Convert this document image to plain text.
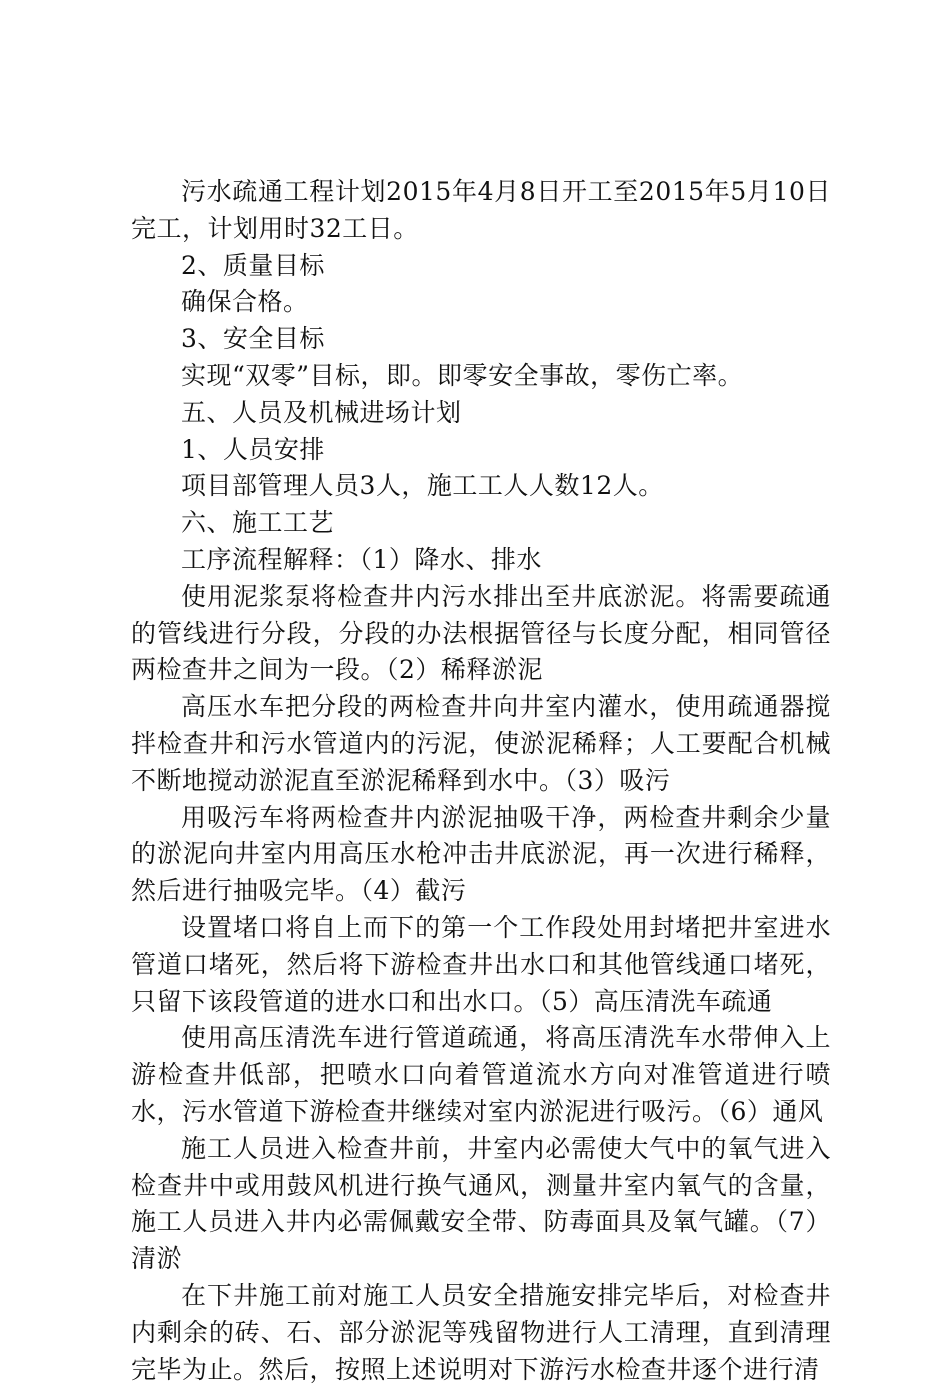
污水疏通工程计划2015年4月8日开工至2015年5月10日完工，计划用时32工日。

2、质量目标

确保合格。

3、安全目标

实现“双零”目标，即。即零安全事故，零伤亡率。

五、人员及机械进场计划

1、人员安排

项目部管理人员3人，施工工人人数12人。

六、施工工艺

工序流程解释：（1）降水、排水

使用泥浆泵将检查井内污水排出至井底淤泥。将需要疏通的管线进行分段，分段的办法根据管径与长度分配，相同管径两检查井之间为一段。（2）稀释淤泥

高压水车把分段的两检查井向井室内灌水，使用疏通器搅拌检查井和污水管道内的污泥，使淤泥稀释；人工要配合机械不断地搅动淤泥直至淤泥稀释到水中。（3）吸污

用吸污车将两检查井内淤泥抽吸干净，两检查井剩余少量的淤泥向井室内用高压水枪冲击井底淤泥，再一次进行稀释，然后进行抽吸完毕。（4）截污

设置堵口将自上而下的第一个工作段处用封堵把井室进水管道口堵死，然后将下游检查井出水口和其他管线通口堵死，只留下该段管道的进水口和出水口。（5）高压清洗车疏通

使用高压清洗车进行管道疏通，将高压清洗车水带伸入上游检查井低部，把喷水口向着管道流水方向对准管道进行喷水，污水管道下游检查井继续对室内淤泥进行吸污。（6）通风

施工人员进入检查井前，井室内必需使大气中的氧气进入检查井中或用鼓风机进行换气通风，测量井室内氧气的含量，施工人员进入井内必需佩戴安全带、防毒面具及氧气罐。（7）清淤

在下井施工前对施工人员安全措施安排完毕后，对检查井内剩余的砖、石、部分淤泥等残留物进行人工清理，直到清理完毕为止。然后，按照上述说明对下游污水检查井逐个进行清
